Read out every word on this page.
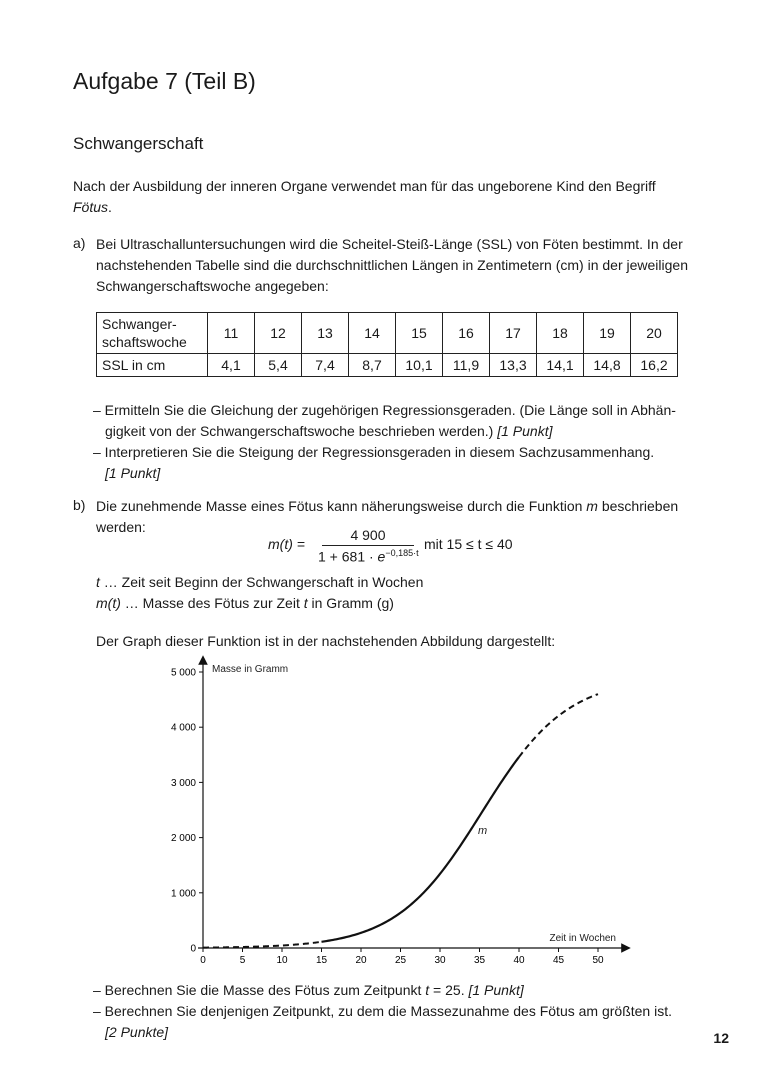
Aufgabe 7 (Teil B)
Schwangerschaft
Nach der Ausbildung der inneren Organe verwendet man für das ungeborene Kind den Begriff
Fötus.
a) Bei Ultraschalluntersuchungen wird die Scheitel-Steiß-Länge (SSL) von Föten bestimmt. In der
nachstehenden Tabelle sind die durchschnittlichen Längen in Zentimetern (cm) in der jeweiligen
Schwangerschaftswoche angegeben:
Schwanger-
schaftswoche	11	12	13	14	15	16	17	18	19	20
SSL in cm	4,1	5,4	7,4	8,7	10,1	11,9	13,3	14,1	14,8	16,2
– Ermitteln Sie die Gleichung der zugehörigen Regressionsgeraden. (Die Länge soll in Abhän-
gigkeit von der Schwangerschaftswoche beschrieben werden.) [1 Punkt]
– Interpretieren Sie die Steigung der Regressionsgeraden in diesem Sachzusammenhang.
[1 Punkt]
b) Die zunehmende Masse eines Fötus kann näherungsweise durch die Funktion m beschrieben
werden:
$m(t) = \frac{4 900}{1 + 681 \cdot e^{-0,185\cdot t}}$ mit 15 ≤ t ≤ 40
t … Zeit seit Beginn der Schwangerschaft in Wochen
m(t) … Masse des Fötus zur Zeit t in Gramm (g)
Der Graph dieser Funktion ist in der nachstehenden Abbildung dargestellt:
0	5	10	15	20	25	30	35	40	45	50
0
1 000
2 000
3 000
4 000
5 000 Masse in Gramm
Zeit in Wochen
m
– Berechnen Sie die Masse des Fötus zum Zeitpunkt t = 25. [1 Punkt]
– Berechnen Sie denjenigen Zeitpunkt, zu dem die Massezunahme des Fötus am größten ist.
[2 Punkte]	12
